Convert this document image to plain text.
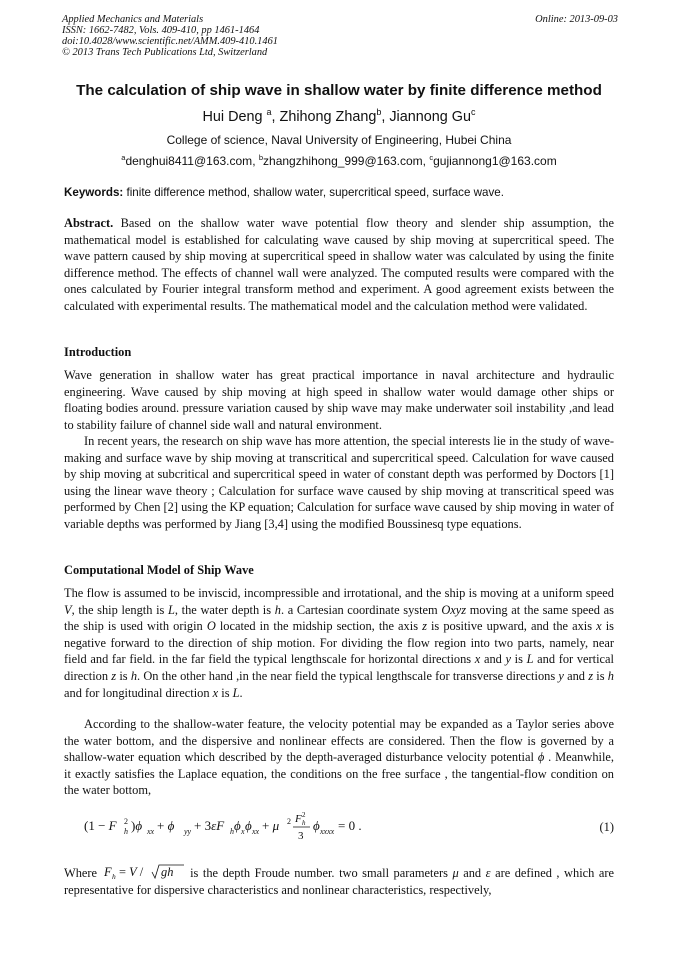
Applied Mechanics and Materials
ISSN: 1662-7482, Vols. 409-410, pp 1461-1464
doi:10.4028/www.scientific.net/AMM.409-410.1461
© 2013 Trans Tech Publications Ltd, Switzerland
Online: 2013-09-03
The calculation of ship wave in shallow water by finite difference method
Hui Deng $^a$, Zhihong Zhang$^b$, Jiannong Gu$^c$
College of science, Naval University of Engineering, Hubei China
$^a$denghui8411@163.com, $^b$zhangzhihong_999@163.com, $^c$gujiannong1@163.com
Keywords: finite difference method, shallow water, supercritical speed, surface wave.
Abstract. Based on the shallow water wave potential flow theory and slender ship assumption, the mathematical model is established for calculating wave caused by ship moving at supercritical speed. The wave pattern caused by ship moving at supercritical speed in shallow water was calculated by using the finite difference method. The effects of channel wall were analyzed. The computed results were compared with the ones calculated by Fourier integral transform method and experiment. A good agreement exists between the calculated with experimental results. The mathematical model and the calculation method were validated.
Introduction
Wave generation in shallow water has great practical importance in naval architecture and hydraulic engineering. Wave caused by ship moving at high speed in shallow water would damage other ships or floating bodies around. pressure variation caused by ship wave may make underwater soil instability ,and lead to stability failure of channel side wall and natural environment.
In recent years, the research on ship wave has more attention, the special interests lie in the study of wave-making and surface wave by ship moving at transcritical and supercritical speed. Calculation for wave caused by ship moving at subcritical and supercritical speed in water of constant depth was performed by Doctors [1] using the linear wave theory ; Calculation for surface wave caused by ship moving at transcritical speed was performed by Chen [2] using the KP equation; Calculation for surface wave caused by ship moving in water of variable depths was performed by Jiang [3,4] using the modified Boussinesq type equations.
Computational Model of Ship Wave
The flow is assumed to be inviscid, incompressible and irrotational, and the ship is moving at a uniform speed V, the ship length is L, the water depth is h. a Cartesian coordinate system Oxyz moving at the same speed as the ship is used with origin O located in the midship section, the axis z is positive upward, and the axis x is negative forward to the direction of ship motion. For dividing the flow region into two parts, namely, near field and far field. in the far field the typical lengthscale for horizontal directions x and y is L and for vertical direction z is h. On the other hand ,in the near field the typical lengthscale for transverse directions y and z is h and for longitudinal direction x is L.
According to the shallow-water feature, the velocity potential may be expanded as a Taylor series above the water bottom, and the dispersive and nonlinear effects are considered. Then the flow is governed by a shallow-water equation which described by the depth-averaged disturbance velocity potential ϕ . Meanwhile, it exactly satisfies the Laplace equation, the conditions on the free surface , the tangential-flow condition on the water bottom,
(1 − F h
2 )ϕ xx + ϕ yy + 3εF h ϕ x ϕ xx + μ 2 F h
2
3
ϕ xxxx = 0 .	(1)
Where F h = V / gh is the depth Froude number. two small parameters μ and ε are defined , which are representative for dispersive characteristics and nonlinear characteristics, respectively,
